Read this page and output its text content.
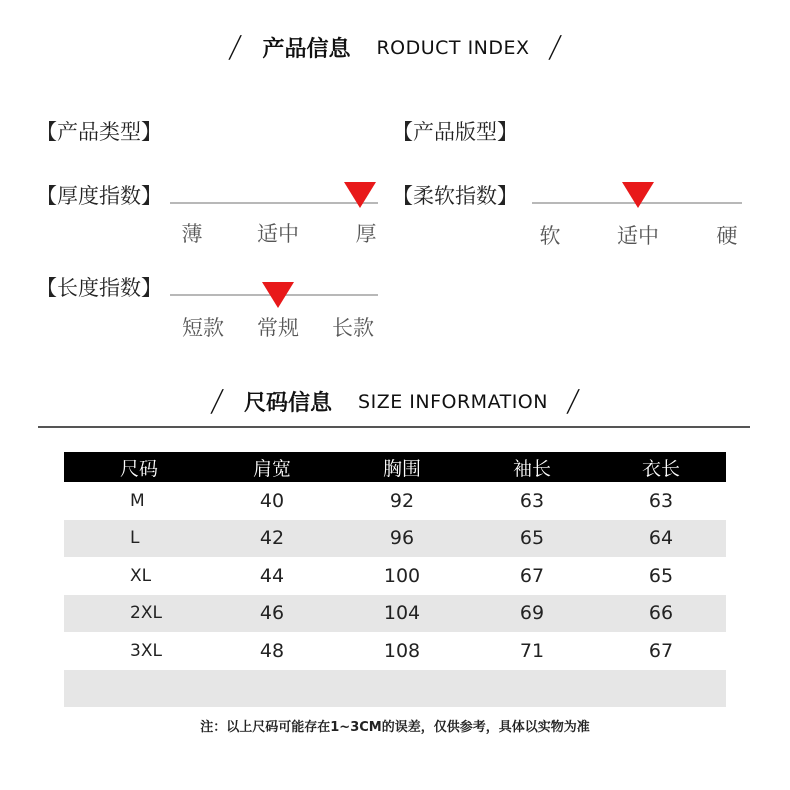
/ 产品信息 RODUCT INDEX /
【产品类型】	【产品版型】
【厚度指数】
薄	适中	厚
【柔软指数】
软	适中	硬
【长度指数】
短款 常规 长款
/ 尺码信息 SIZE INFORMATION /
尺码	肩宽	胸围	袖长	衣长
M	40	92	63	63
L	42	96	65	64
XL	44	100	67	65
2XL	46	104	69	66
3XL	48	108	71	67

注：以上尺码可能存在1~3CM的误差，仅供参考，具体以实物为准
